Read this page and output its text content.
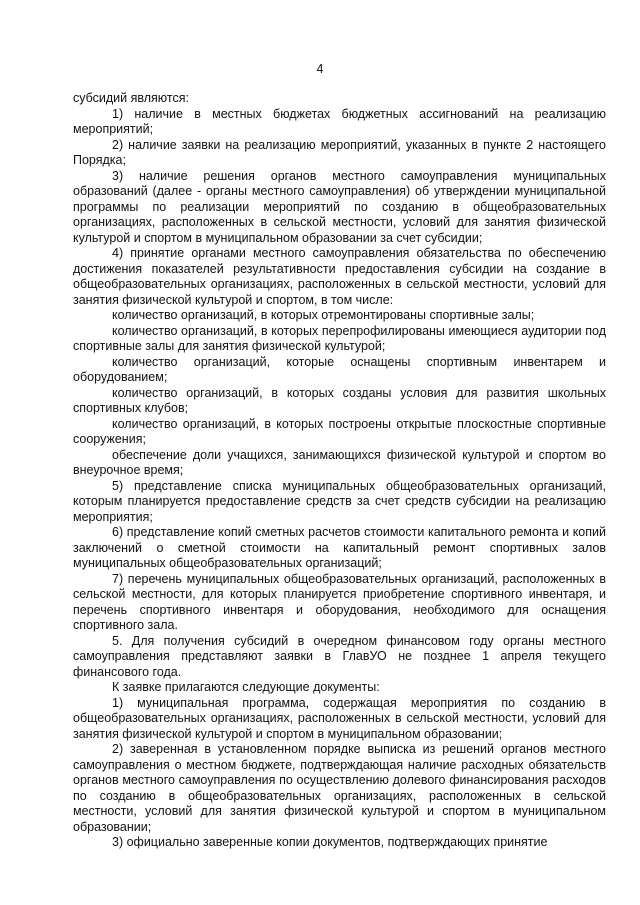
4

субсидий являются:

1) наличие в местных бюджетах бюджетных ассигнований на реализацию мероприятий;

2) наличие заявки на реализацию мероприятий, указанных в пункте 2 настоящего Порядка;

3) наличие решения органов местного самоуправления муниципальных образований (далее - органы местного самоуправления) об утверждении муниципальной программы по реализации мероприятий по созданию в общеобразовательных организациях, расположенных в сельской местности, условий для занятия физической культурой и спортом в муниципальном образовании за счет субсидии;

4) принятие органами местного самоуправления обязательства по обеспечению достижения показателей результативности предоставления субсидии на создание в общеобразовательных организациях, расположенных в сельской местности, условий для занятия физической культурой и спортом, в том числе:

количество организаций, в которых отремонтированы спортивные залы;

количество организаций, в которых перепрофилированы имеющиеся аудитории под спортивные залы для занятия физической культурой;

количество организаций, которые оснащены спортивным инвентарем и оборудованием;

количество организаций, в которых созданы условия для развития школьных спортивных клубов;

количество организаций, в которых построены открытые плоскостные спортивные сооружения;

обеспечение доли учащихся, занимающихся физической культурой и спортом во внеурочное время;

5) представление списка муниципальных общеобразовательных организаций, которым планируется предоставление средств за счет средств субсидии на реализацию мероприятия;

6) представление копий сметных расчетов стоимости капитального ремонта и копий заключений о сметной стоимости на капитальный ремонт спортивных залов муниципальных общеобразовательных организаций;

7) перечень муниципальных общеобразовательных организаций, расположенных в сельской местности, для которых планируется приобретение спортивного инвентаря, и перечень спортивного инвентаря и оборудования, необходимого для оснащения спортивного зала.

5. Для получения субсидий в очередном финансовом году органы местного самоуправления представляют заявки в ГлавУО не позднее 1 апреля текущего финансового года.

К заявке прилагаются следующие документы:

1) муниципальная программа, содержащая мероприятия по созданию в общеобразовательных организациях, расположенных в сельской местности, условий для занятия физической культурой и спортом в муниципальном образовании;

2) заверенная в установленном порядке выписка из решений органов местного самоуправления о местном бюджете, подтверждающая наличие расходных обязательств органов местного самоуправления по осуществлению долевого финансирования расходов по созданию в общеобразовательных организациях, расположенных в сельской местности, условий для занятия физической культурой и спортом в муниципальном образовании;

3) официально заверенные копии документов, подтверждающих принятие
